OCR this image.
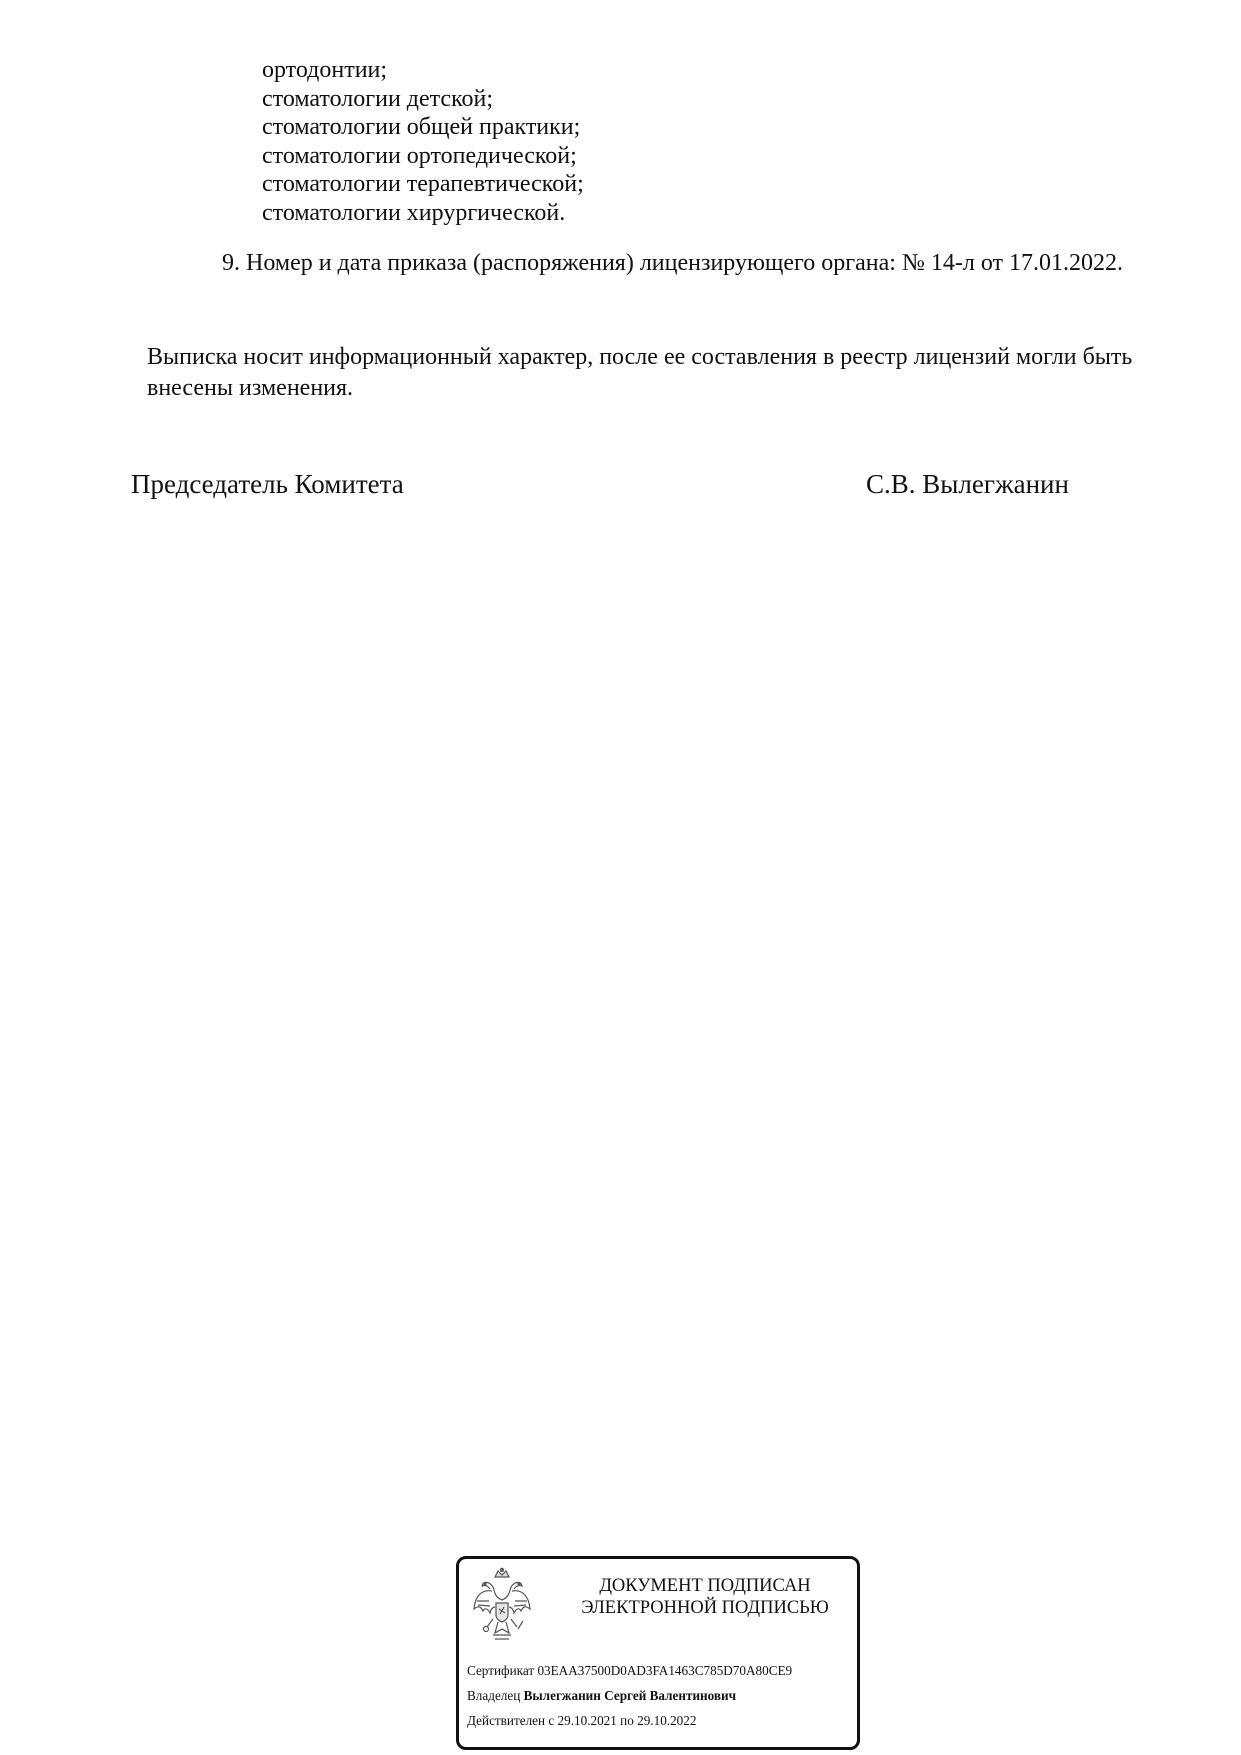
ортодонтии;
стоматологии детской;
стоматологии общей практики;
стоматологии ортопедической;
стоматологии терапевтической;
стоматологии хирургической.
9. Номер и дата приказа (распоряжения) лицензирующего органа: № 14-л от 17.01.2022.
Выписка носит информационный характер, после ее составления в реестр лицензий могли быть
внесены изменения.
Председатель Комитета	С.В. Вылегжанин
ДОКУМЕНТ ПОДПИСАН
ЭЛЕКТРОННОЙ ПОДПИСЬЮ
Сертификат 03EAA37500D0AD3FA1463C785D70A80CE9
Владелец Вылегжанин Сергей Валентинович
Действителен с 29.10.2021 по 29.10.2022
